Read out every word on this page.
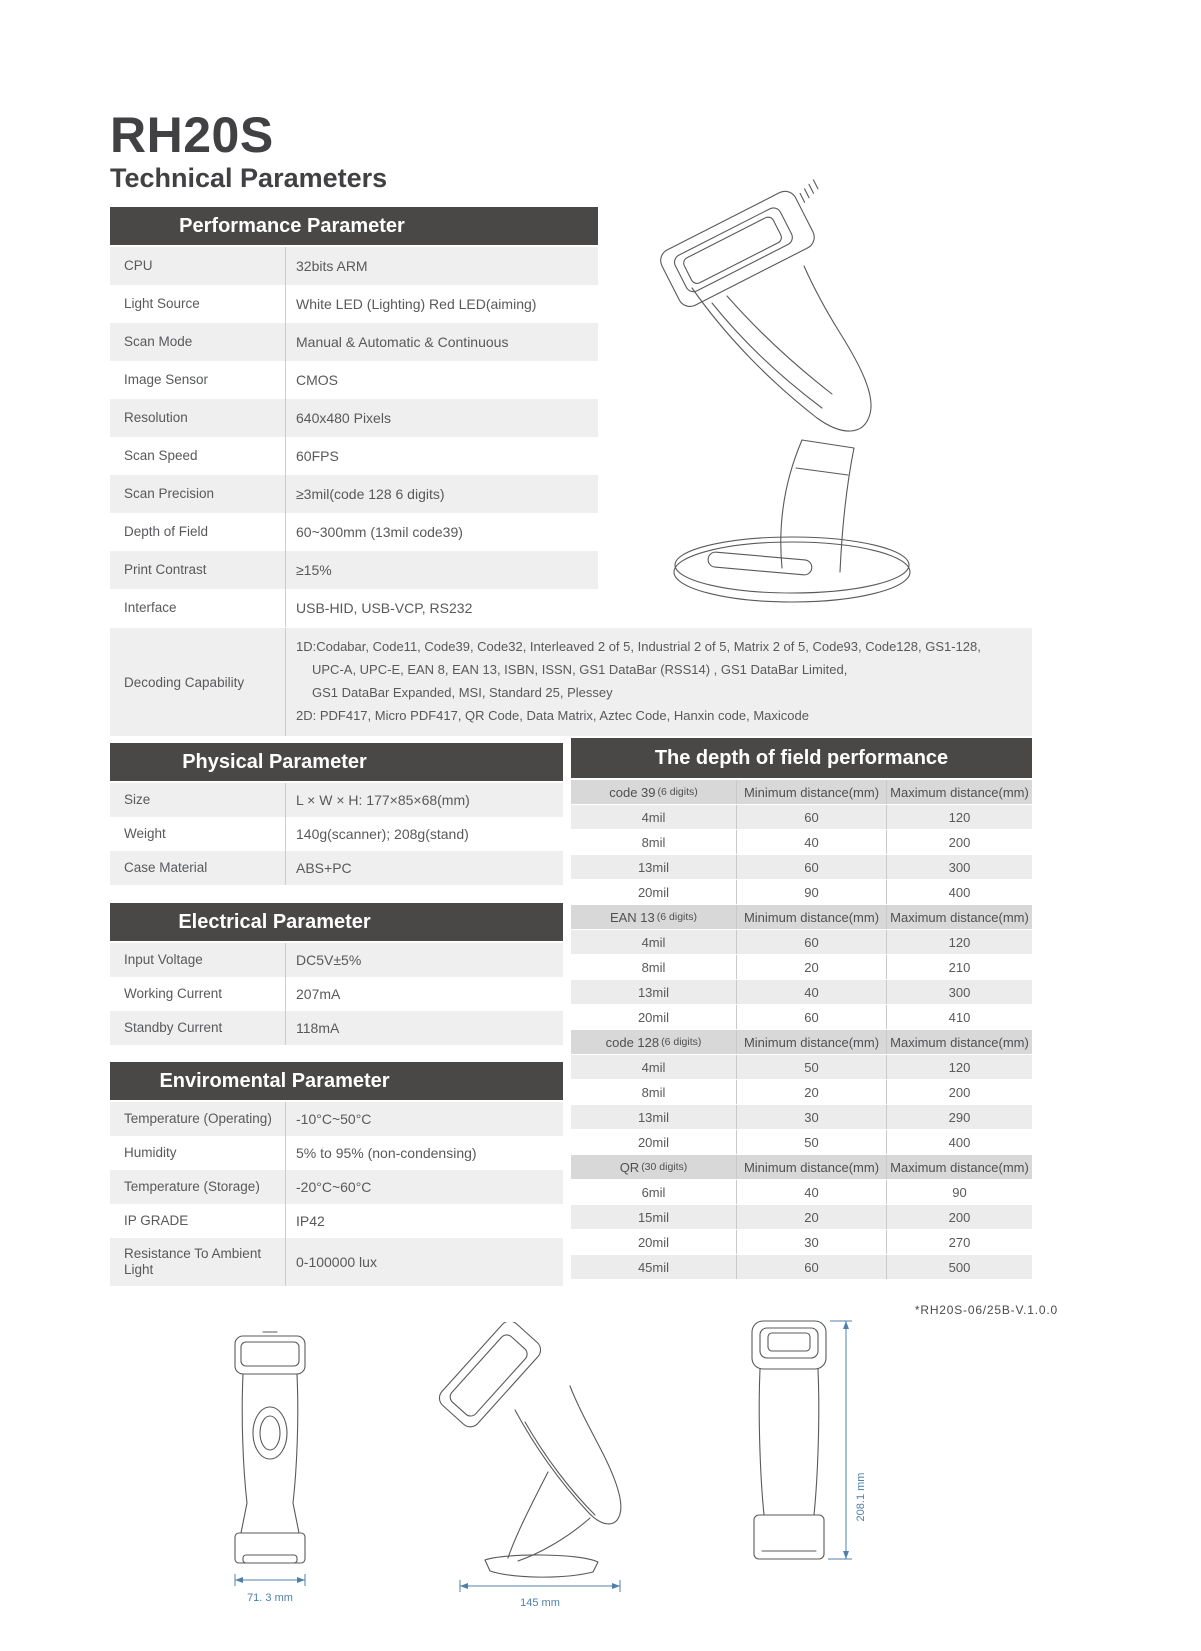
RH20S
Technical Parameters
Performance Parameter
CPU	32bits ARM
Light Source	White LED (Lighting) Red LED(aiming)
Scan Mode	Manual & Automatic & Continuous
Image Sensor	CMOS
Resolution	640x480 Pixels
Scan Speed	60FPS
Scan Precision	≥3mil(code 128 6 digits)
Depth of Field	60~300mm (13mil code39)
Print Contrast	≥15%
Interface	USB-HID, USB-VCP, RS232
Decoding Capability
1D:Codabar, Code11, Code39, Code32, Interleaved 2 of 5, Industrial 2 of 5, Matrix 2 of 5, Code93, Code128, GS1-128,
UPC-A, UPC-E, EAN 8, EAN 13, ISBN, ISSN, GS1 DataBar (RSS14) , GS1 DataBar Limited,
GS1 DataBar Expanded, MSI, Standard 25, Plessey
2D: PDF417, Micro PDF417, QR Code, Data Matrix, Aztec Code, Hanxin code, Maxicode
Physical Parameter
Size	L × W × H: 177×85×68(mm)
Weight	140g(scanner); 208g(stand)
Case Material	ABS+PC
Electrical Parameter
Input Voltage	DC5V±5%
Working Current	207mA
Standby Current	118mA
Enviromental Parameter
Temperature (Operating)	-10°C~50°C
Humidity	5% to 95% (non-condensing)
Temperature (Storage)	-20°C~60°C
IP GRADE	IP42
Resistance To Ambient Light	0-100000 lux
The depth of field performance
code 39 (6 digits)	Minimum distance(mm) Maximum distance(mm)
4mil	60	120
8mil	40	200
13mil	60	300
20mil	90	400
EAN 13 (6 digits)	Minimum distance(mm) Maximum distance(mm)
4mil	60	120
8mil	20	210
13mil	40	300
20mil	60	410
code 128 (6 digits)	Minimum distance(mm) Maximum distance(mm)
4mil	50	120
8mil	20	200
13mil	30	290
20mil	50	400
QR (30 digits)	Minimum distance(mm) Maximum distance(mm)
6mil	40	90
15mil	20	200
20mil	30	270
45mil	60	500
*RH20S-06/25B-V.1.0.0
71. 3 mm	145 mm
208.1 mm
